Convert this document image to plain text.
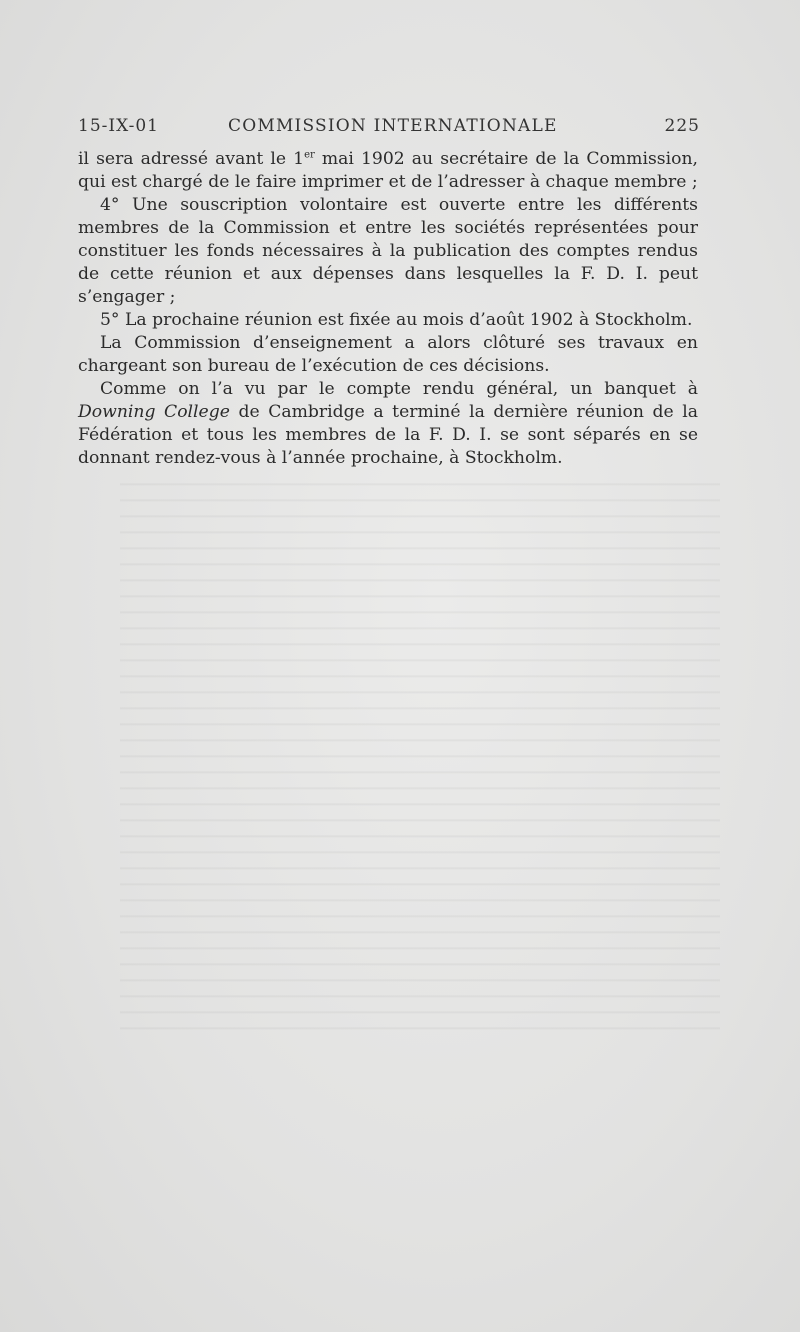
15-IX-01	COMMISSION INTERNATIONALE	225

il sera adressé avant le 1er mai 1902 au secrétaire de la Commission, qui est chargé de le faire imprimer et de l’adresser à chaque membre ;

4° Une souscription volontaire est ouverte entre les différents membres de la Commission et entre les sociétés représentées pour constituer les fonds nécessaires à la publication des comptes rendus de cette réunion et aux dépenses dans lesquelles la F. D. I. peut s’engager ;

5° La prochaine réunion est fixée au mois d’août 1902 à Stockholm.

La Commission d’enseignement a alors clôturé ses travaux en chargeant son bureau de l’exécution de ces décisions.

Comme on l’a vu par le compte rendu général, un banquet à Downing College de Cambridge a terminé la dernière réunion de la Fédération et tous les membres de la F. D. I. se sont séparés en se donnant rendez-vous à l’année prochaine, à Stockholm.
